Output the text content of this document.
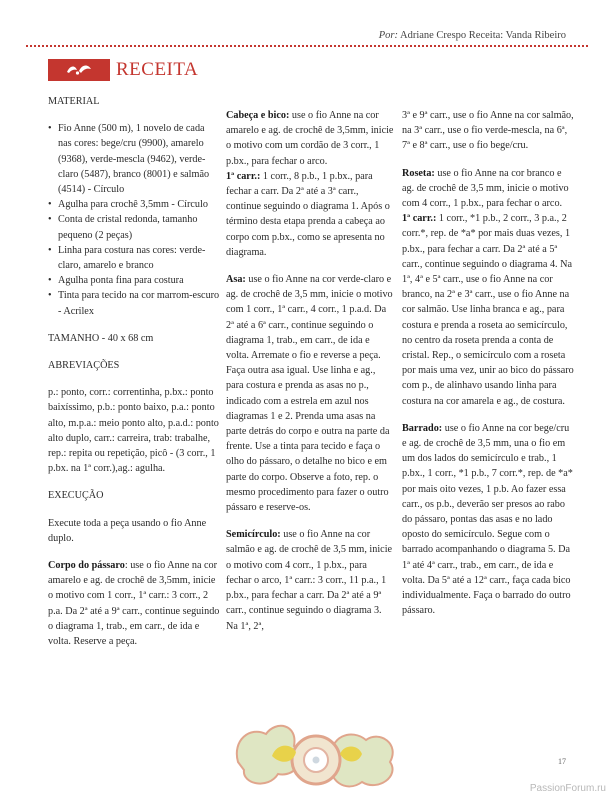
Por: Adriane Crespo Receita: Vanda Ribeiro
RECEITA

MATERIAL

• Fio Anne (500 m), 1 novelo de cada nas cores: bege/cru (9900), amarelo (9368), verde-mescla (9462), verde-claro (5487), branco (8001) e salmão (4514) - Círculo
• Agulha para crochê 3,5mm - Círculo
• Conta de cristal redonda, tamanho pequeno (2 peças)
• Linha para costura nas cores: verde-claro, amarelo e branco
• Agulha ponta fina para costura
• Tinta para tecido na cor marrom-escuro - Acrilex

TAMANHO - 40 x 68 cm

ABREVIAÇÕES

p.: ponto, corr.: correntinha, p.bx.: ponto baixíssimo, p.b.: ponto baixo, p.a.: ponto alto, m.p.a.: meio ponto alto, p.a.d.: ponto alto duplo, carr.: carreira, trab: trabalhe, rep.: repita ou repetição, picô - (3 corr., 1 p.bx. na 1ª corr.),ag.: agulha.

EXECUÇÃO

Execute toda a peça usando o fio Anne duplo.

Corpo do pássaro: use o fio Anne na cor amarelo e ag. de crochê de 3,5mm, inicie o motivo com 1 corr., 1ª carr.: 3 corr., 2 p.a. Da 2ª até a 9ª carr., continue seguindo o diagrama 1, trab., em carr., de ida e volta. Reserve a peça.

Cabeça e bico: use o fio Anne na cor amarelo e ag. de crochê de 3,5mm, inicie o motivo com um cordão de 3 corr., 1 p.bx., para fechar o arco.
1ª carr.: 1 corr., 8 p.b., 1 p.bx., para fechar a carr. Da 2ª até a 3ª carr., continue seguindo o diagrama 1. Após o término desta etapa prenda a cabeça ao corpo com p.bx., como se apresenta no diagrama.

Asa: use o fio Anne na cor verde-claro e ag. de crochê de 3,5 mm, inicie o motivo com 1 corr., 1ª carr., 4 corr., 1 p.a.d. Da 2ª até a 6ª carr., continue seguindo o diagrama 1, trab., em carr., de ida e volta. Arremate o fio e reverse a peça. Faça outra asa igual. Use linha e ag., para costura e prenda as asas no p., indicado com a estrela em azul nos diagramas 1 e 2. Prenda uma asas na parte detrás do corpo e outra na parte da frente. Use a tinta para tecido e faça o olho do pássaro, o detalhe no bico e em parte do corpo. Observe a foto, rep. o mesmo procedimento para fazer o outro pássaro e reserve-os.

Semicírculo: use o fio Anne na cor salmão e ag. de crochê de 3,5 mm, inicie o motivo com 4 corr., 1 p.bx., para fechar o arco, 1ª carr.: 3 corr., 11 p.a., 1 p.bx., para fechar a carr. Da 2ª até a 9ª carr., continue seguindo o diagrama 3. Na 1ª, 2ª,

3ª e 9ª carr., use o fio Anne na cor salmão, na 3ª carr., use o fio verde-mescla, na 6ª, 7ª e 8ª carr., use o fio bege/cru.

Roseta: use o fio Anne na cor branco e ag. de crochê de 3,5 mm, inicie o motivo com 4 corr., 1 p.bx., para fechar o arco.
1ª carr.: 1 corr., *1 p.b., 2 corr., 3 p.a., 2 corr.*, rep. de *a* por mais duas vezes, 1 p.bx., para fechar a carr. Da 2ª até a 5ª carr., continue seguindo o diagrama 4. Na 1ª, 4ª e 5ª carr., use o fio Anne na cor branco, na 2ª e 3ª carr., use o fio Anne na cor salmão. Use linha branca e ag., para costura e prenda a roseta ao semicírculo, no centro da roseta prenda a conta de cristal. Rep., o semicírculo com a roseta por mais uma vez, unir ao bico do pássaro com p., de alinhavo usando linha para costura na cor amarela e ag., de costura.

Barrado: use o fio Anne na cor bege/cru e ag. de crochê de 3,5 mm, una o fio em um dos lados do semicírculo e trab., 1 p.bx., 1 corr., *1 p.b., 7 corr.*, rep. de *a* por mais oito vezes, 1 p.b. Ao fazer essa carr., os p.b., deverão ser presos ao rabo do pássaro, pontas das asas e no lado oposto do semicírculo. Segue com o barrado acompanhando o diagrama 5. Da 1ª até 4ª carr., trab., em carr., de ida e volta. Da 5ª até a 12ª carr., faça cada bico individualmente. Faça o barrado do outro pássaro.

17
PassionForum.ru
